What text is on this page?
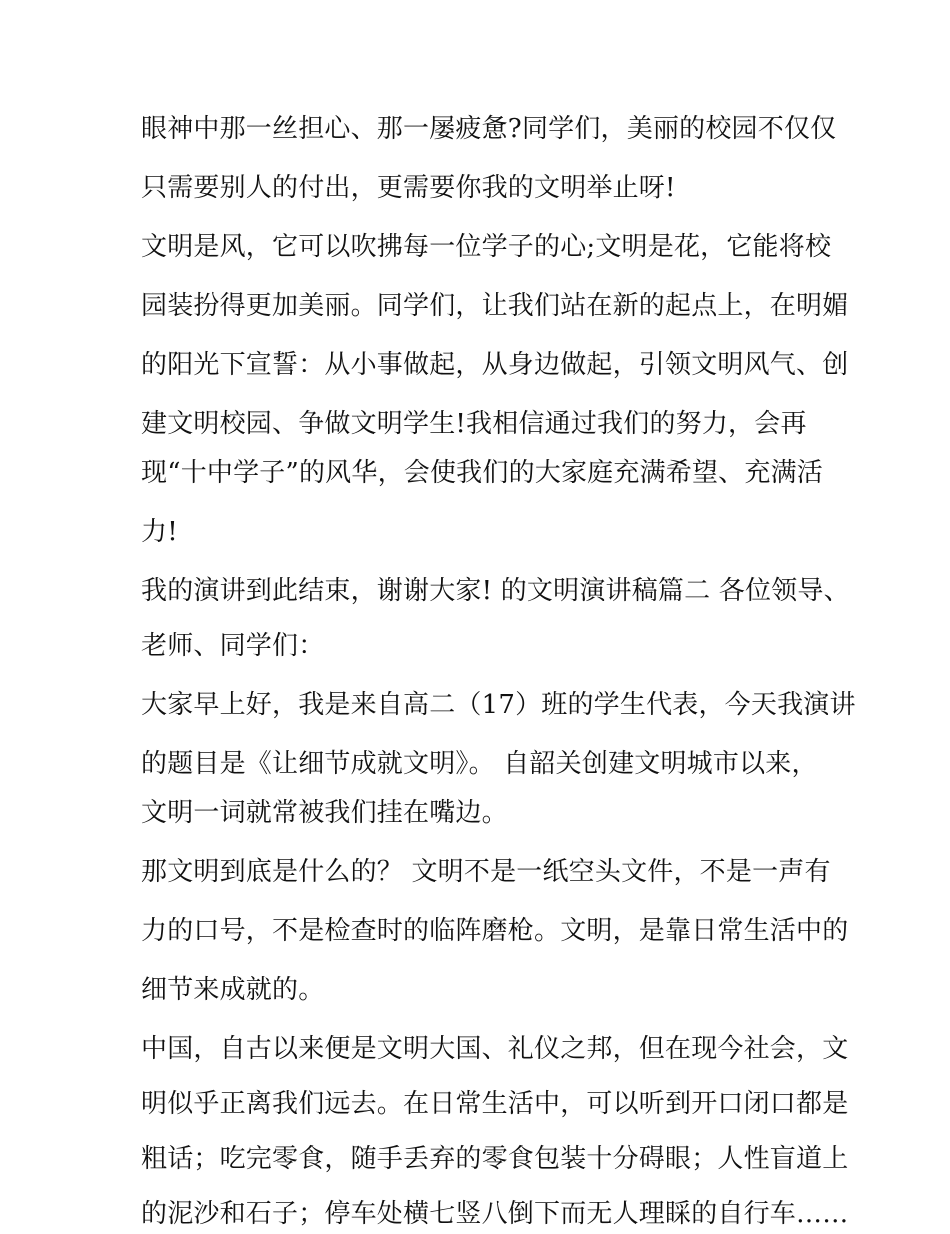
眼神中那一丝担心、那一屡疲惫?同学们，美丽的校园不仅仅
只需要别人的付出，更需要你我的文明举止呀!
文明是风，它可以吹拂每一位学子的心;文明是花，它能将校
园装扮得更加美丽。同学们，让我们站在新的起点上，在明媚
的阳光下宣誓：从小事做起，从身边做起，引领文明风气、创
建文明校园、争做文明学生!我相信通过我们的努力，会再
现“十中学子”的风华，会使我们的大家庭充满希望、充满活
力!
我的演讲到此结束，谢谢大家! 的文明演讲稿篇二 各位领导、
老师、同学们：
大家早上好，我是来自高二（17）班的学生代表，今天我演讲
的题目是《让细节成就文明》。 自韶关创建文明城市以来，
文明一词就常被我们挂在嘴边。
那文明到底是什么的？ 文明不是一纸空头文件，不是一声有
力的口号，不是检查时的临阵磨枪。文明，是靠日常生活中的
细节来成就的。
中国，自古以来便是文明大国、礼仪之邦，但在现今社会，文
明似乎正离我们远去。在日常生活中，可以听到开口闭口都是
粗话；吃完零食，随手丢弃的零食包装十分碍眼；人性盲道上
的泥沙和石子；停车处横七竖八倒下而无人理睬的自行车……
